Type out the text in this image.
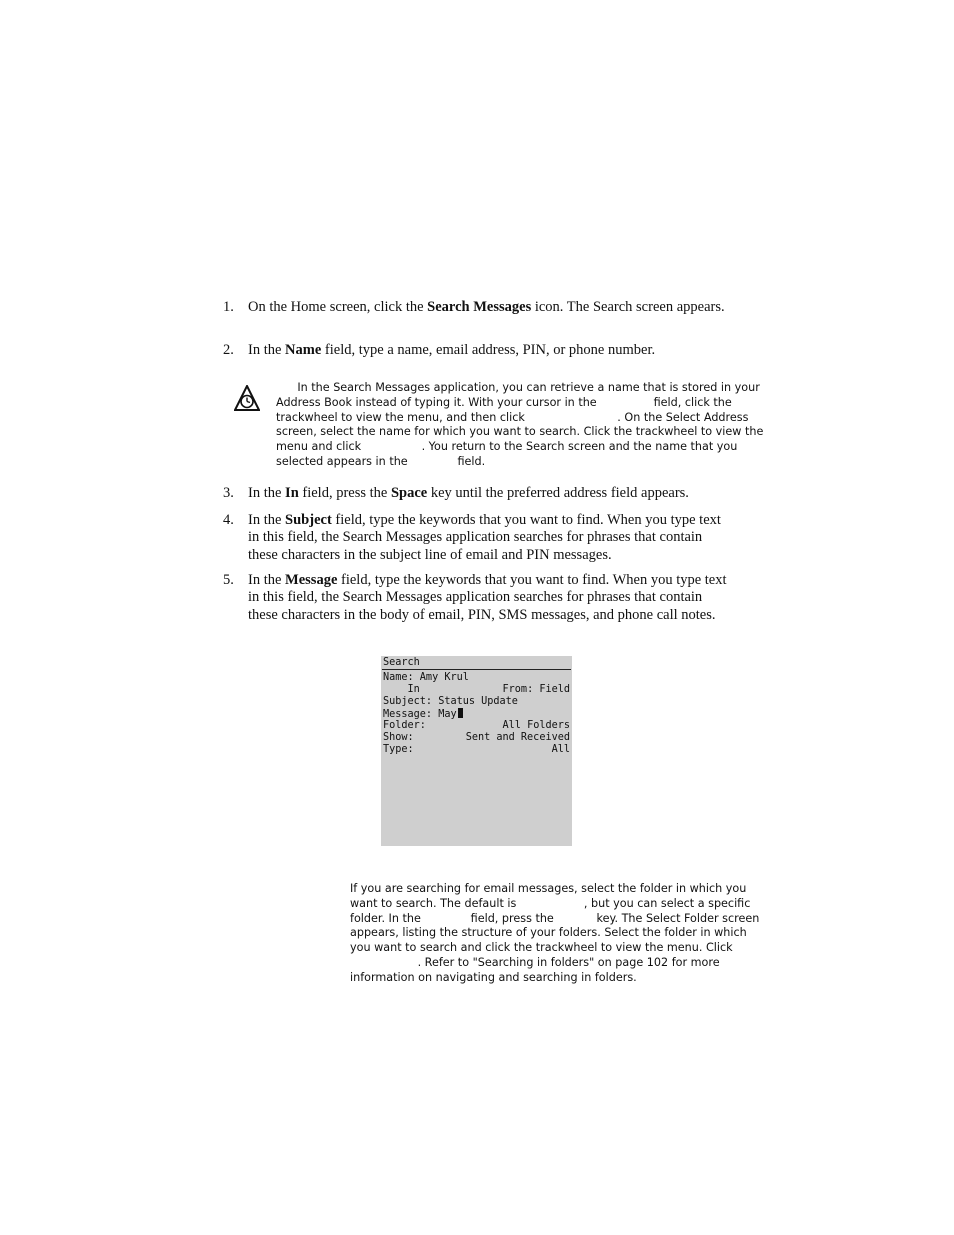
1. On the Home screen, click the Search Messages icon. The Search screen appears.
2. In the Name field, type a name, email address, PIN, or phone number.
In the Search Messages application, you can retrieve a name that is stored in your
Address Book instead of typing it. With your cursor in the                field, click the
trackwheel to view the menu, and then click                          . On the Select Address
screen, select the name for which you want to search. Click the trackwheel to view the
menu and click                 . You return to the Search screen and the name that you
selected appears in the              field.
3. In the In field, press the Space key until the preferred address field appears.
4. In the Subject field, type the keywords that you want to find. When you type text in this field, the Search Messages application searches for phrases that contain these characters in the subject line of email and PIN messages.
5. In the Message field, type the keywords that you want to find. When you type text in this field, the Search Messages application searches for phrases that contain these characters in the body of email, PIN, SMS messages, and phone call notes.
Search
Name: Amy Krul
In	From: Field
Subject: Status Update
Message: May
Folder:	All Folders
Show:	Sent and Received
Type:	All
If you are searching for email messages, select the folder in which you
want to search. The default is                   , but you can select a specific
folder. In the              field, press the            key. The Select Folder screen
appears, listing the structure of your folders. Select the folder in which
you want to search and click the trackwheel to view the menu. Click
. Refer to "Searching in folders" on page 102 for more
information on navigating and searching in folders.
